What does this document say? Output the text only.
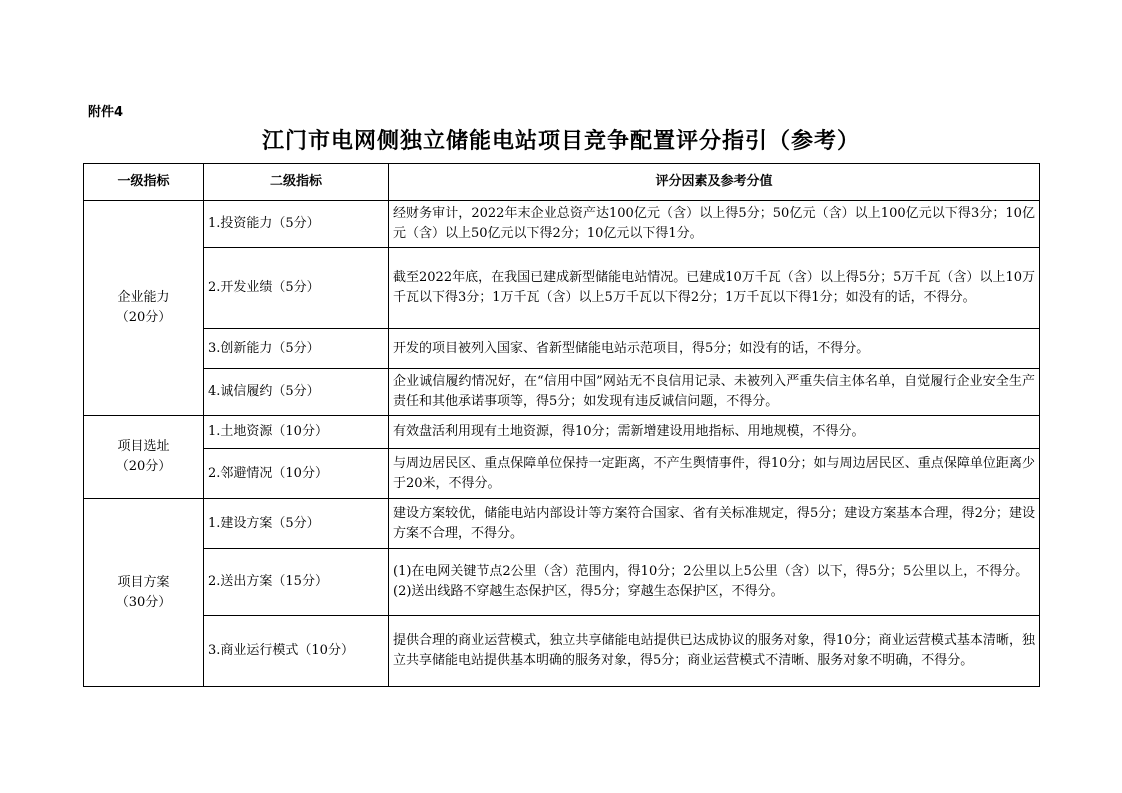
附件4
江门市电网侧独立储能电站项目竞争配置评分指引（参考）
一级指标	二级指标	评分因素及参考分值
企业能力
（20分）	1.投资能力（5分）	经财务审计，2022年末企业总资产达100亿元（含）以上得5分；50亿元（含）以上100亿元以下得3分；10亿元（含）以上50亿元以下得2分；10亿元以下得1分。
	2.开发业绩（5分）	截至2022年底，在我国已建成新型储能电站情况。已建成10万千瓦（含）以上得5分；5万千瓦（含）以上10万千瓦以下得3分；1万千瓦（含）以上5万千瓦以下得2分；1万千瓦以下得1分；如没有的话，不得分。
	3.创新能力（5分）	开发的项目被列入国家、省新型储能电站示范项目，得5分；如没有的话，不得分。
	4.诚信履约（5分）	企业诚信履约情况好，在“信用中国”网站无不良信用记录、未被列入严重失信主体名单，自觉履行企业安全生产责任和其他承诺事项等，得5分；如发现有违反诚信问题，不得分。
项目选址
（20分）	1.土地资源（10分）	有效盘活利用现有土地资源，得10分；需新增建设用地指标、用地规模，不得分。
	2.邻避情况（10分）	与周边居民区、重点保障单位保持一定距离，不产生舆情事件，得10分；如与周边居民区、重点保障单位距离少于20米，不得分。
项目方案
（30分）	1.建设方案（5分）	建设方案较优，储能电站内部设计等方案符合国家、省有关标准规定，得5分；建设方案基本合理，得2分；建设方案不合理，不得分。
	2.送出方案（15分）	(1)在电网关键节点2公里（含）范围内，得10分；2公里以上5公里（含）以下，得5分；5公里以上，不得分。
(2)送出线路不穿越生态保护区，得5分；穿越生态保护区，不得分。

	3.商业运行模式（10分）	提供合理的商业运营模式，独立共享储能电站提供已达成协议的服务对象，得10分；商业运营模式基本清晰，独立共享储能电站提供基本明确的服务对象，得5分；商业运营模式不清晰、服务对象不明确，不得分。
